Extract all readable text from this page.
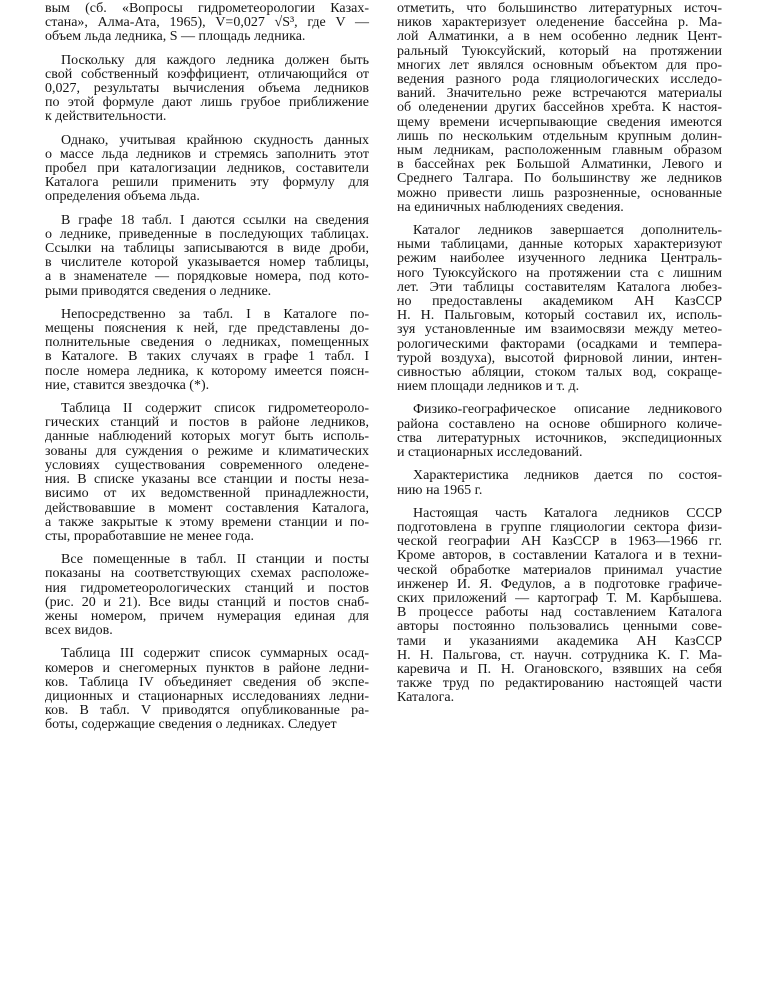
вым (сб. «Вопросы гидрометеорологии Казах-
стана», Алма-Ата, 1965), V=0,027 √S³, где V —
объем льда ледника, S — площадь ледника.
Поскольку для каждого ледника должен быть
свой собственный коэффициент, отличающийся от
0,027, результаты вычисления объема ледников
по этой формуле дают лишь грубое приближение
к действительности.
Однако, учитывая крайнюю скудность данных
о массе льда ледников и стремясь заполнить этот
пробел при каталогизации ледников, составители
Каталога решили применить эту формулу для
определения объема льда.
В графе 18 табл. I даются ссылки на сведения
о леднике, приведенные в последующих таблицах.
Ссылки на таблицы записываются в виде дроби,
в числителе которой указывается номер таблицы,
а в знаменателе — порядковые номера, под кото-
рыми приводятся сведения о леднике.
Непосредственно за табл. I в Каталоге по-
мещены пояснения к ней, где представлены до-
полнительные сведения о ледниках, помещенных
в Каталоге. В таких случаях в графе 1 табл. I
после номера ледника, к которому имеется поясн-
ние, ставится звездочка (*).
Таблица II содержит список гидрометеороло-
гических станций и постов в районе ледников,
данные наблюдений которых могут быть исполь-
зованы для суждения о режиме и климатических
условиях существования современного оледене-
ния. В списке указаны все станции и посты неза-
висимо от их ведомственной принадлежности,
действовавшие в момент составления Каталога,
а также закрытые к этому времени станции и по-
сты, проработавшие не менее года.
Все помещенные в табл. II станции и посты
показаны на соответствующих схемах расположе-
ния гидрометеорологических станций и постов
(рис. 20 и 21). Все виды станций и постов снаб-
жены номером, причем нумерация единая для
всех видов.
Таблица III содержит список суммарных осад-
комеров и снегомерных пунктов в районе ледни-
ков. Таблица IV объединяет сведения об экспе-
диционных и стационарных исследованиях ледни-
ков. В табл. V приводятся опубликованные ра-
боты, содержащие сведения о ледниках. Следует
отметить, что большинство литературных источ-
ников характеризует оледенение бассейна р. Ма-
лой Алматинки, а в нем особенно ледник Цент-
ральный Туюксуйский, который на протяжении
многих лет являлся основным объектом для про-
ведения разного рода гляциологических исследо-
ваний. Значительно реже встречаются материалы
об оледенении других бассейнов хребта. К настоя-
щему времени исчерпывающие сведения имеются
лишь по нескольким отдельным крупным долин-
ным ледникам, расположенным главным образом
в бассейнах рек Большой Алматинки, Левого и
Среднего Талгара. По большинству же ледников
можно привести лишь разрозненные, основанные
на единичных наблюдениях сведения.
Каталог ледников завершается дополнитель-
ными таблицами, данные которых характеризуют
режим наиболее изученного ледника Централь-
ного Туюксуйского на протяжении ста с лишним
лет. Эти таблицы составителям Каталога любез-
но предоставлены академиком АН КазССР
Н. Н. Пальговым, который составил их, исполь-
зуя установленные им взаимосвязи между метео-
рологическими факторами (осадками и темпера-
турой воздуха), высотой фирновой линии, интен-
сивностью абляции, стоком талых вод, сокраще-
нием площади ледников и т. д.
Физико-географическое описание ледникового
района составлено на основе обширного количе-
ства литературных источников, экспедиционных
и стационарных исследований.
Характеристика ледников дается по состоя-
нию на 1965 г.
Настоящая часть Каталога ледников СССР
подготовлена в группе гляциологии сектора физи-
ческой географии АН КазССР в 1963—1966 гг.
Кроме авторов, в составлении Каталога и в техни-
ческой обработке материалов принимал участие
инженер И. Я. Федулов, а в подготовке графиче-
ских приложений — картограф Т. М. Карбышева.
В процессе работы над составлением Каталога
авторы постоянно пользовались ценными сове-
тами и указаниями академика АН КазССР
Н. Н. Пальгова, ст. научн. сотрудника К. Г. Ма-
каревича и П. Н. Огановского, взявших на себя
также труд по редактированию настоящей части
Каталога.
